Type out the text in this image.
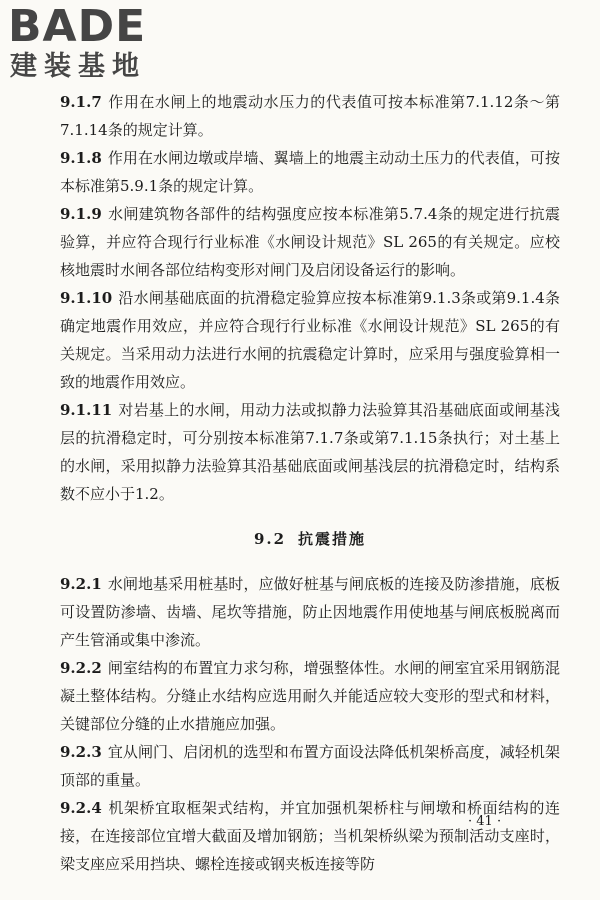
BADE
建装基地

9.1.7 作用在水闸上的地震动水压力的代表值可按本标准第7.1.12条～第7.1.14条的规定计算。

9.1.8 作用在水闸边墩或岸墙、翼墙上的地震主动动土压力的代表值，可按本标准第5.9.1条的规定计算。

9.1.9 水闸建筑物各部件的结构强度应按本标准第5.7.4条的规定进行抗震验算，并应符合现行行业标准《水闸设计规范》SL 265的有关规定。应校核地震时水闸各部位结构变形对闸门及启闭设备运行的影响。

9.1.10 沿水闸基础底面的抗滑稳定验算应按本标准第9.1.3条或第9.1.4条确定地震作用效应，并应符合现行行业标准《水闸设计规范》SL 265的有关规定。当采用动力法进行水闸的抗震稳定计算时，应采用与强度验算相一致的地震作用效应。

9.1.11 对岩基上的水闸，用动力法或拟静力法验算其沿基础底面或闸基浅层的抗滑稳定时，可分别按本标准第7.1.7条或第7.1.15条执行；对土基上的水闸，采用拟静力法验算其沿基础底面或闸基浅层的抗滑稳定时，结构系数不应小于1.2。

9.2 抗震措施

9.2.1 水闸地基采用桩基时，应做好桩基与闸底板的连接及防渗措施，底板可设置防渗墙、齿墙、尾坎等措施，防止因地震作用使地基与闸底板脱离而产生管涌或集中渗流。

9.2.2 闸室结构的布置宜力求匀称，增强整体性。水闸的闸室宜采用钢筋混凝土整体结构。分缝止水结构应选用耐久并能适应较大变形的型式和材料，关键部位分缝的止水措施应加强。

9.2.3 宜从闸门、启闭机的选型和布置方面设法降低机架桥高度，减轻机架顶部的重量。

9.2.4 机架桥宜取框架式结构，并宜加强机架桥柱与闸墩和桥面结构的连接，在连接部位宜增大截面及增加钢筋；当机架桥纵梁为预制活动支座时，梁支座应采用挡块、螺栓连接或钢夹板连接等防

· 41 ·
